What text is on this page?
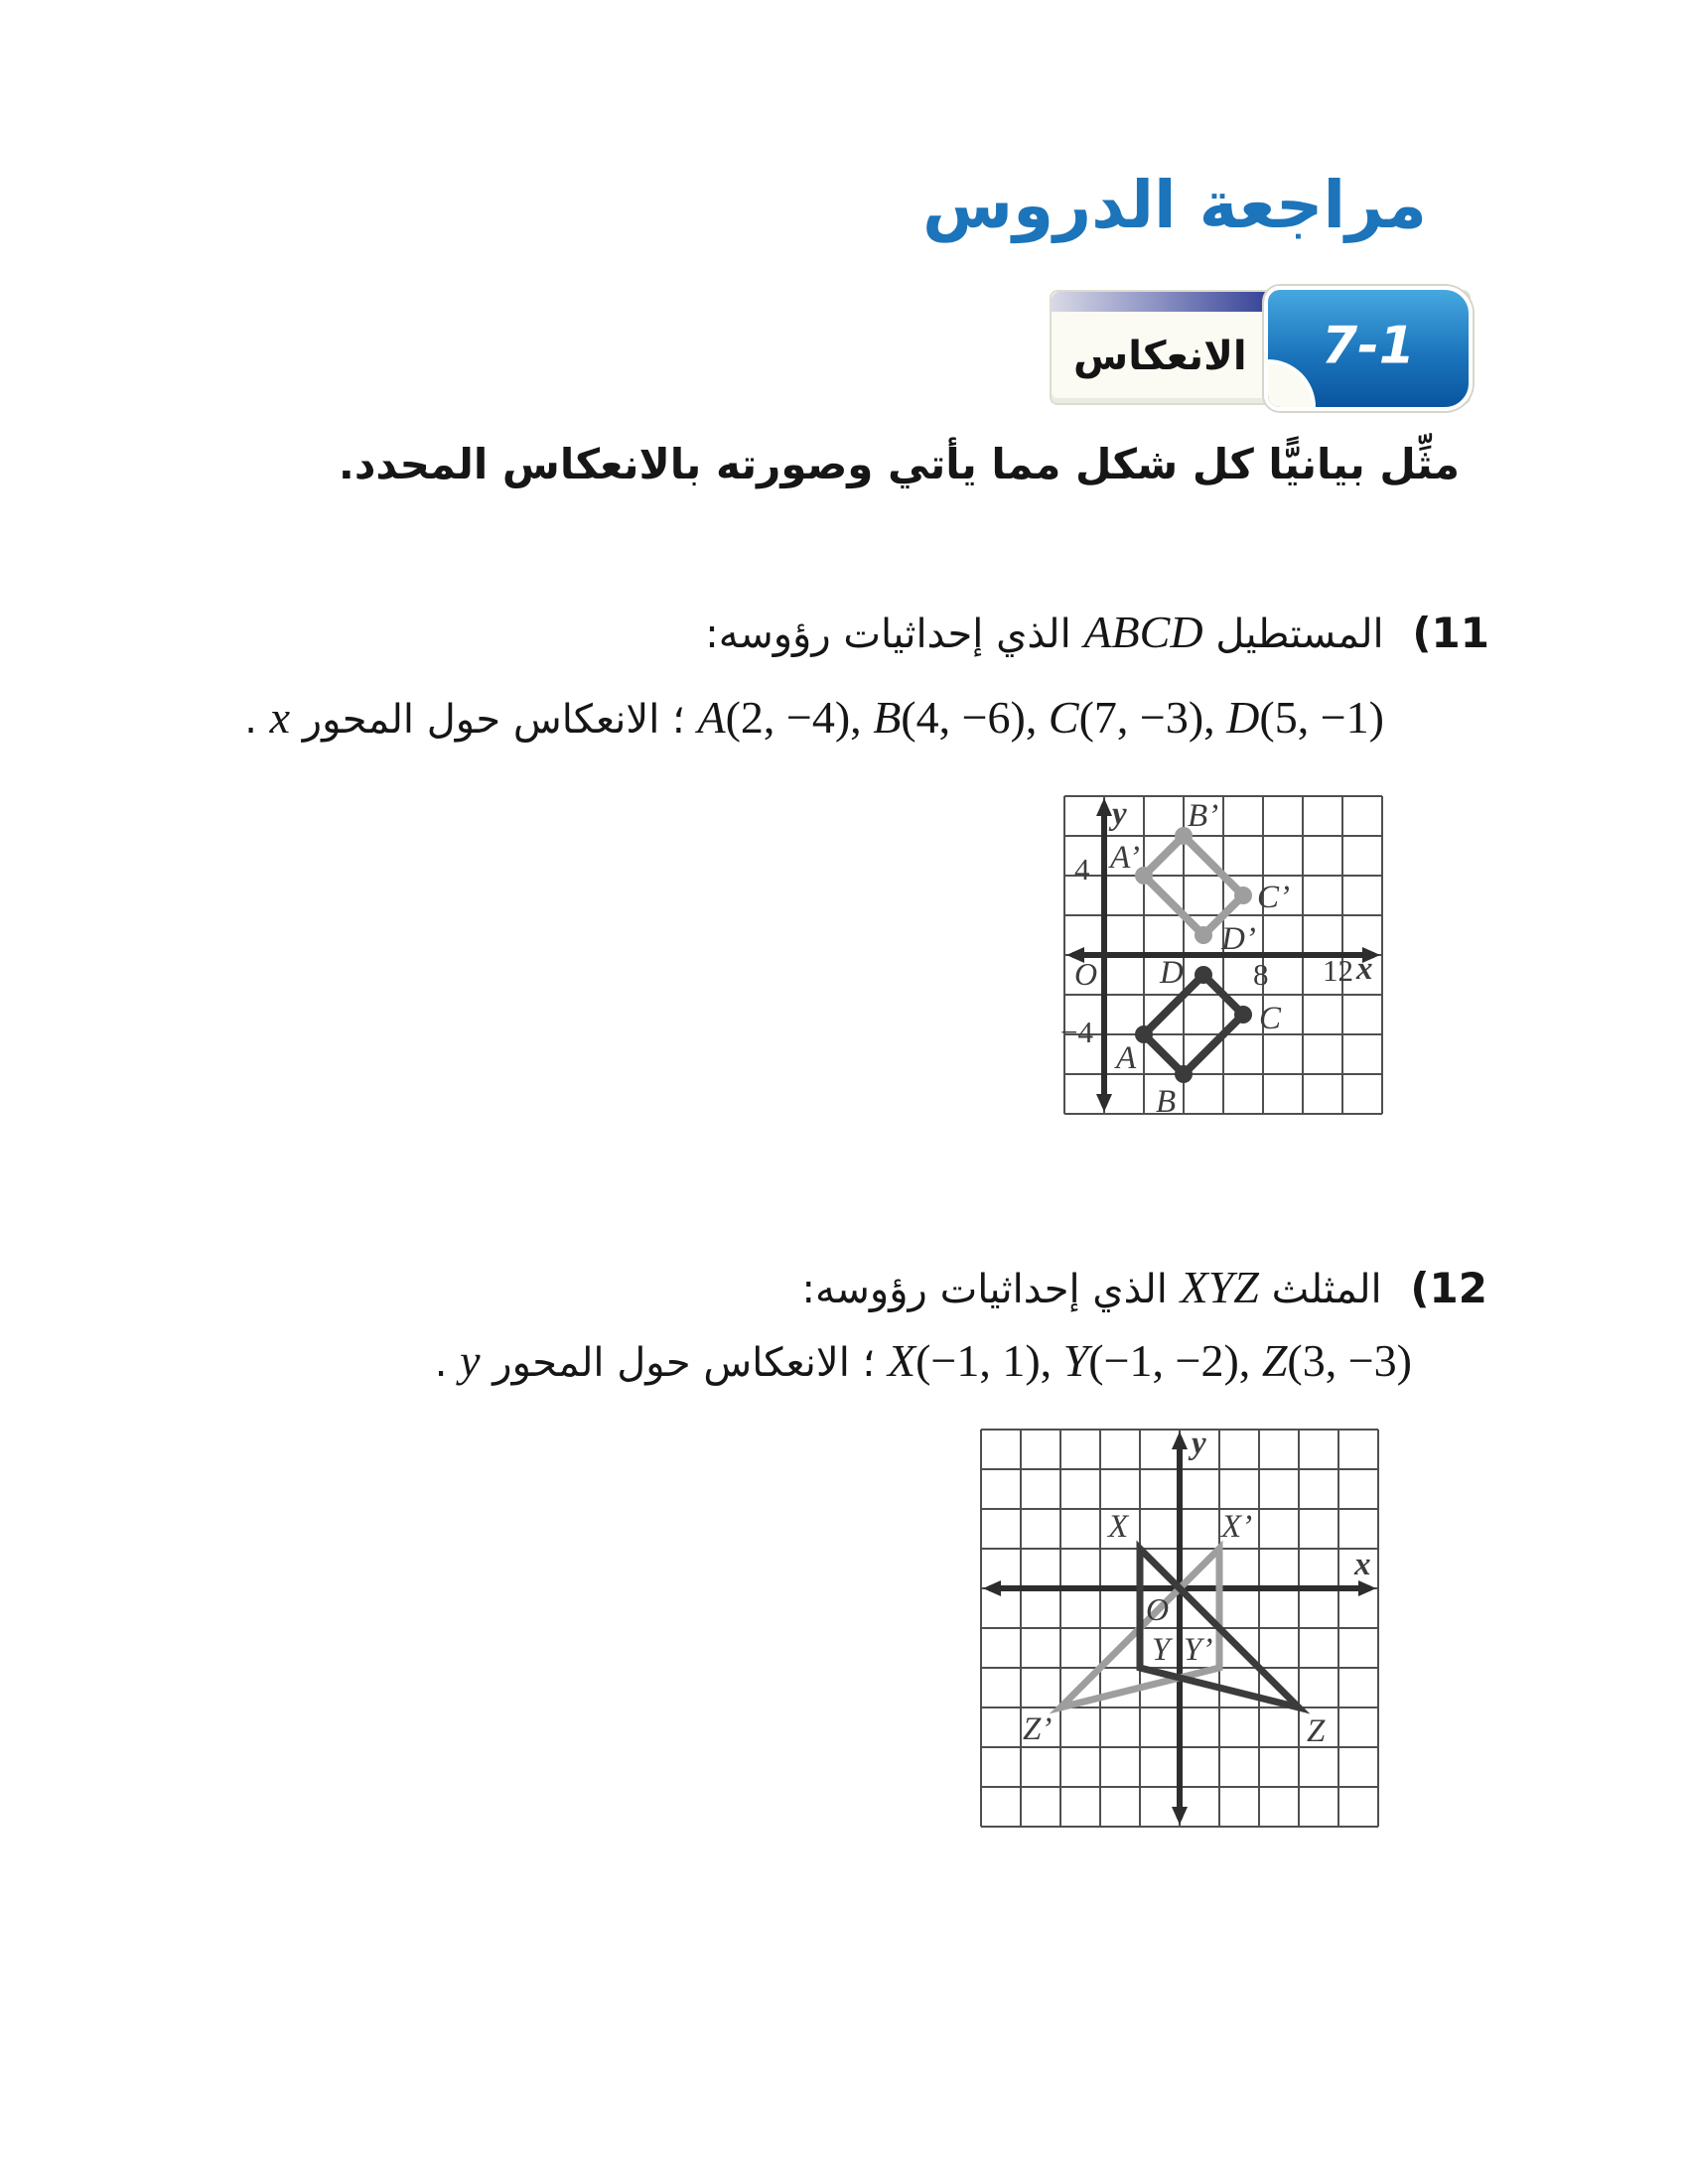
مراجعة الدروس
الانعكاس	7-1
مثِّل بيانيًّا كل شكل مما يأتي وصورته بالانعكاس المحدد.
11) المستطيل ABCD الذي إحداثيات رؤوسه:
A(2, −4), B(4, −6), C(7, −3), D(5, −1) ؛ الانعكاس حول المحور x .
12) المثلث XYZ الذي إحداثيات رؤوسه:
X(−1, 1), Y(−1, −2), Z(3, −3) ؛ الانعكاس حول المحور y .
A’
B’
C’
D’
A
B
C
D
4
−4
8 12 x
y
O
X’
Y’
Z’
X
Y
Z
x
y
O
